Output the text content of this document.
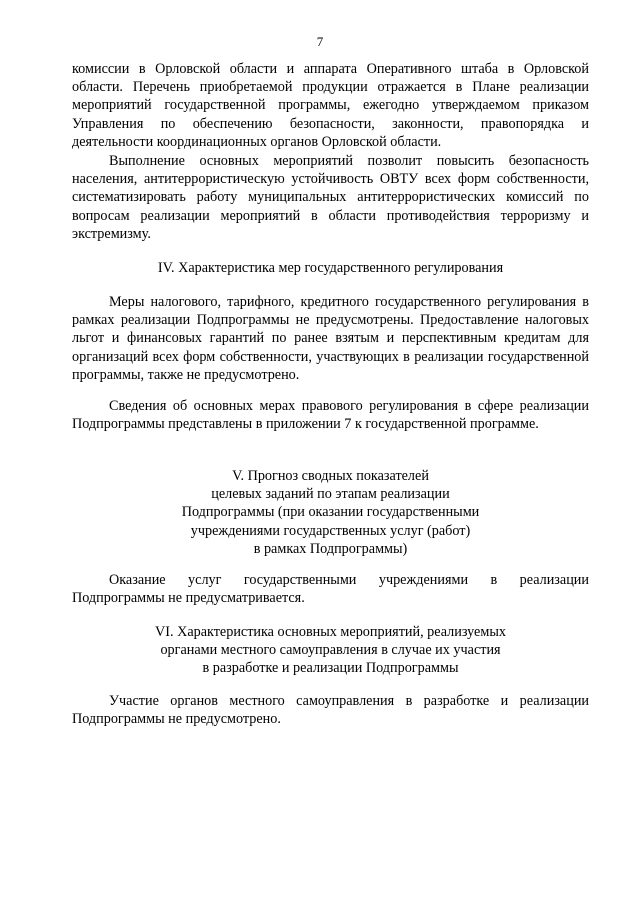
7

комиссии в Орловской области и аппарата Оперативного штаба в Орловской области. Перечень приобретаемой продукции отражается в Плане реализации мероприятий государственной программы, ежегодно утверждаемом приказом Управления по обеспечению безопасности, законности, правопорядка и деятельности координационных органов Орловской области.

Выполнение основных мероприятий позволит повысить безопасность населения, антитеррористическую устойчивость ОВТУ всех форм собственности, систематизировать работу муниципальных антитеррористических комиссий по вопросам реализации мероприятий в области противодействия терроризму и экстремизму.

IV. Характеристика мер государственного регулирования

Меры налогового, тарифного, кредитного государственного регулирования в рамках реализации Подпрограммы не предусмотрены. Предоставление налоговых льгот и финансовых гарантий по ранее взятым и перспективным кредитам для организаций всех форм собственности, участвующих в реализации государственной программы, также не предусмотрено.

Сведения об основных мерах правового регулирования в сфере реализации Подпрограммы представлены в приложении 7 к государственной программе.

V. Прогноз сводных показателей
целевых заданий по этапам реализации
Подпрограммы (при оказании государственными
учреждениями государственных услуг (работ)
в рамках Подпрограммы)

Оказание услуг государственными учреждениями в реализации Подпрограммы не предусматривается.

VI. Характеристика основных мероприятий, реализуемых
органами местного самоуправления в случае их участия
в разработке и реализации Подпрограммы

Участие органов местного самоуправления в разработке и реализации Подпрограммы не предусмотрено.
